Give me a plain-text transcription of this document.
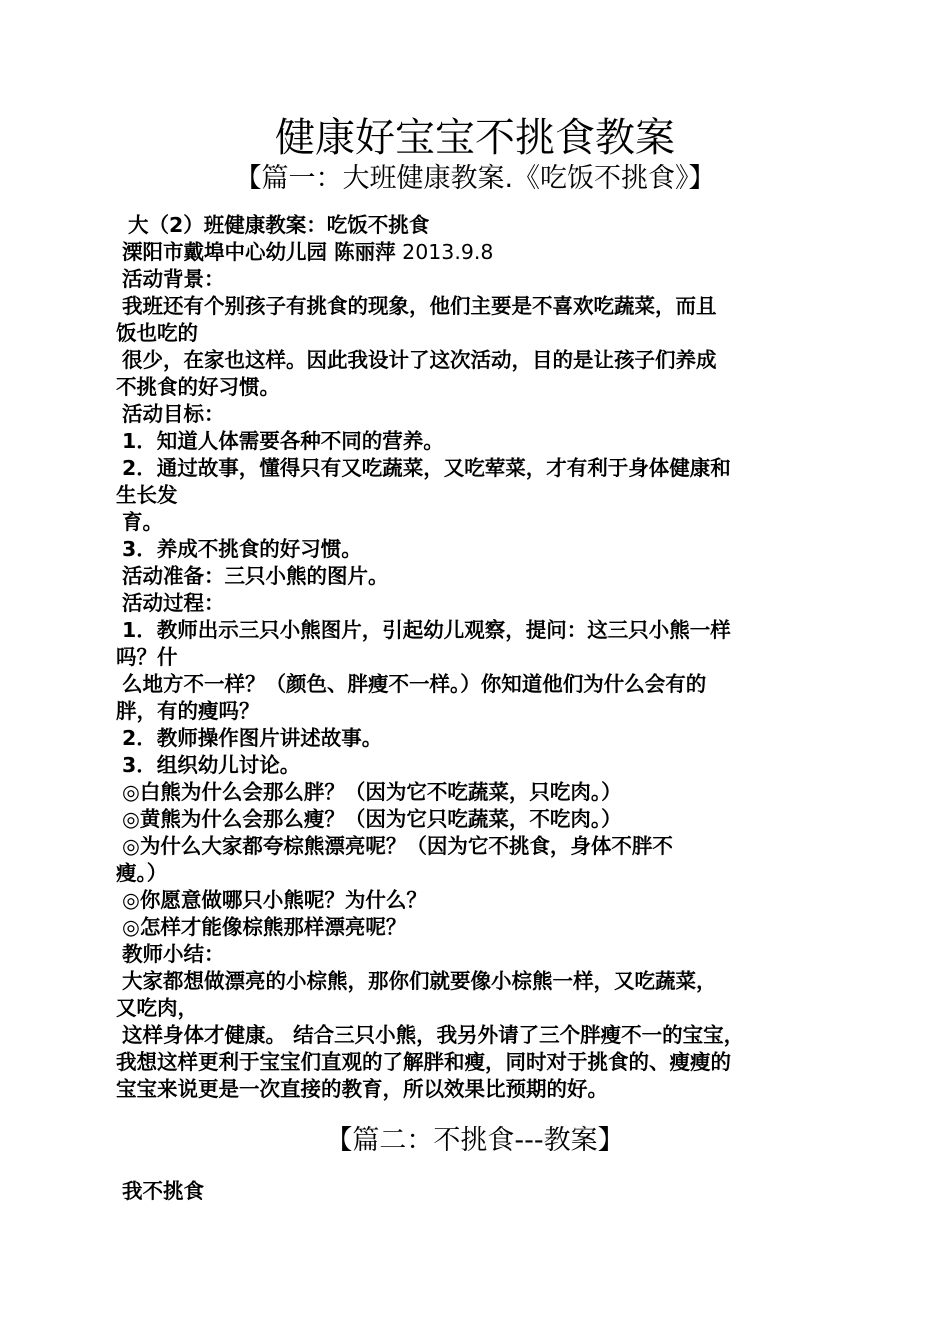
健康好宝宝不挑食教案
【篇一：大班健康教案.《吃饭不挑食》】
大（2）班健康教案：吃饭不挑食
溧阳市戴埠中心幼儿园 陈丽萍 2013.9.8
活动背景：
我班还有个别孩子有挑食的现象，他们主要是不喜欢吃蔬菜，而且
饭也吃的
很少，在家也这样。因此我设计了这次活动，目的是让孩子们养成
不挑食的好习惯。
活动目标：
1．知道人体需要各种不同的营养。
2．通过故事，懂得只有又吃蔬菜，又吃荤菜，才有利于身体健康和
生长发
育。
3．养成不挑食的好习惯。
活动准备：三只小熊的图片。
活动过程：
1．教师出示三只小熊图片，引起幼儿观察，提问：这三只小熊一样
吗？什
么地方不一样？（颜色、胖瘦不一样。）你知道他们为什么会有的
胖，有的瘦吗？
2．教师操作图片讲述故事。
3．组织幼儿讨论。
◎白熊为什么会那么胖？（因为它不吃蔬菜，只吃肉。）
◎黄熊为什么会那么瘦？（因为它只吃蔬菜，不吃肉。）
◎为什么大家都夸棕熊漂亮呢？（因为它不挑食，身体不胖不
瘦。）
◎你愿意做哪只小熊呢？为什么？
◎怎样才能像棕熊那样漂亮呢？
教师小结：
大家都想做漂亮的小棕熊，那你们就要像小棕熊一样，又吃蔬菜，
又吃肉，
这样身体才健康。 结合三只小熊，我另外请了三个胖瘦不一的宝宝，
我想这样更利于宝宝们直观的了解胖和瘦，同时对于挑食的、瘦瘦的
宝宝来说更是一次直接的教育，所以效果比预期的好。
【篇二：不挑食---教案】
我不挑食
